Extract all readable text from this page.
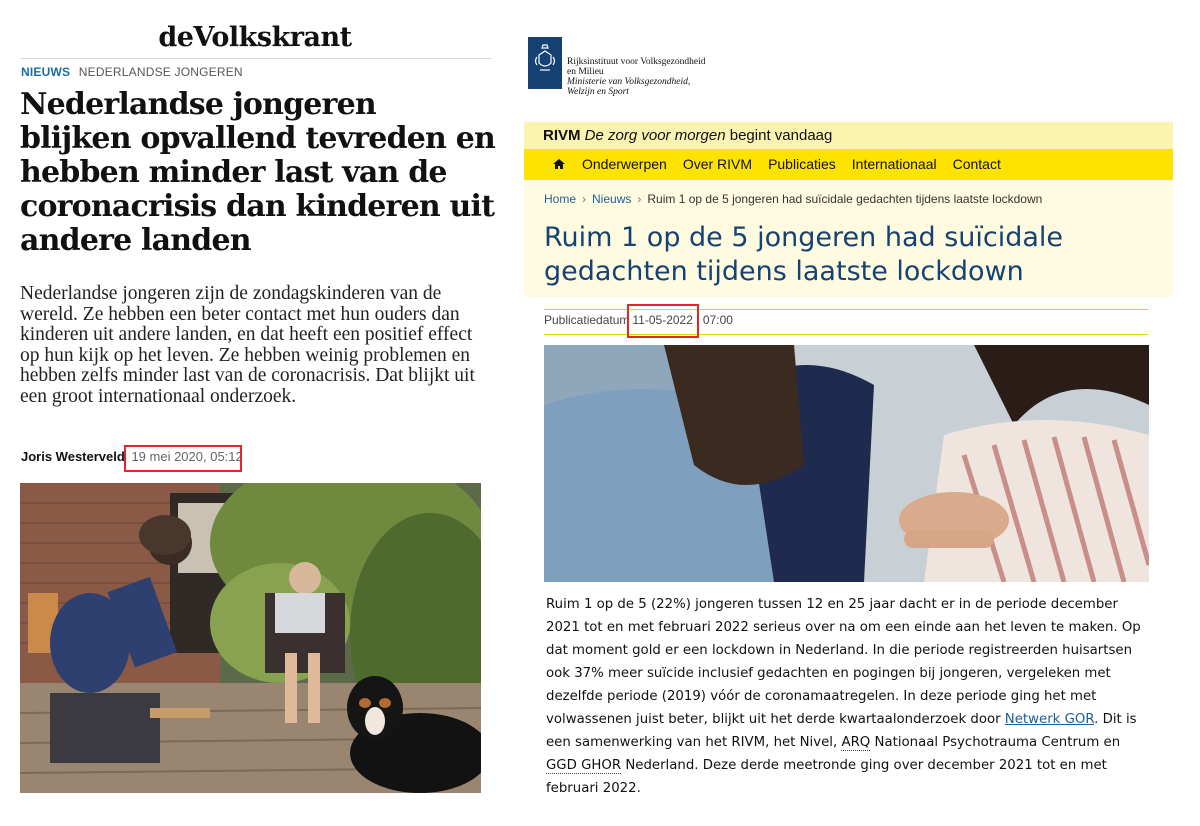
deVolkskrant
NIEUWS NEDERLANDSE JONGEREN
Nederlandse jongeren blijken opvallend tevreden en hebben minder last van de coronacrisis dan kinderen uit andere landen

Nederlandse jongeren zijn de zondagskinderen van de wereld. Ze hebben een beter contact met hun ouders dan kinderen uit andere landen, en dat heeft een positief effect op hun kijk op het leven. Ze hebben weinig problemen en hebben zelfs minder last van de coronacrisis. Dat blijkt uit een groot internationaal onderzoek.

Joris Westerveld 19 mei 2020, 05:12
Rijksinstituut voor Volksgezondheid
en Milieu
Ministerie van Volksgezondheid,
Welzijn en Sport
RIVM De zorg voor morgen begint vandaag
Onderwerpen Over RIVM Publicaties Internationaal Contact
Home › Nieuws › Ruim 1 op de 5 jongeren had suïcidale gedachten tijdens laatste lockdown
Ruim 1 op de 5 jongeren had suïcidale gedachten tijdens laatste lockdown
Publicatiedatum 11-05-2022 07:00

Ruim 1 op de 5 (22%) jongeren tussen 12 en 25 jaar dacht er in de periode december 2021 tot en met februari 2022 serieus over na om een einde aan het leven te maken. Op dat moment gold er een lockdown in Nederland. In die periode registreerden huisartsen ook 37% meer suïcide inclusief gedachten en pogingen bij jongeren, vergeleken met dezelfde periode (2019) vóór de coronamaatregelen. In deze periode ging het met volwassenen juist beter, blijkt uit het derde kwartaalonderzoek door Netwerk GOR. Dit is een samenwerking van het RIVM, het Nivel, ARQ Nationaal Psychotrauma Centrum en GGD GHOR Nederland. Deze derde meetronde ging over december 2021 tot en met februari 2022.
